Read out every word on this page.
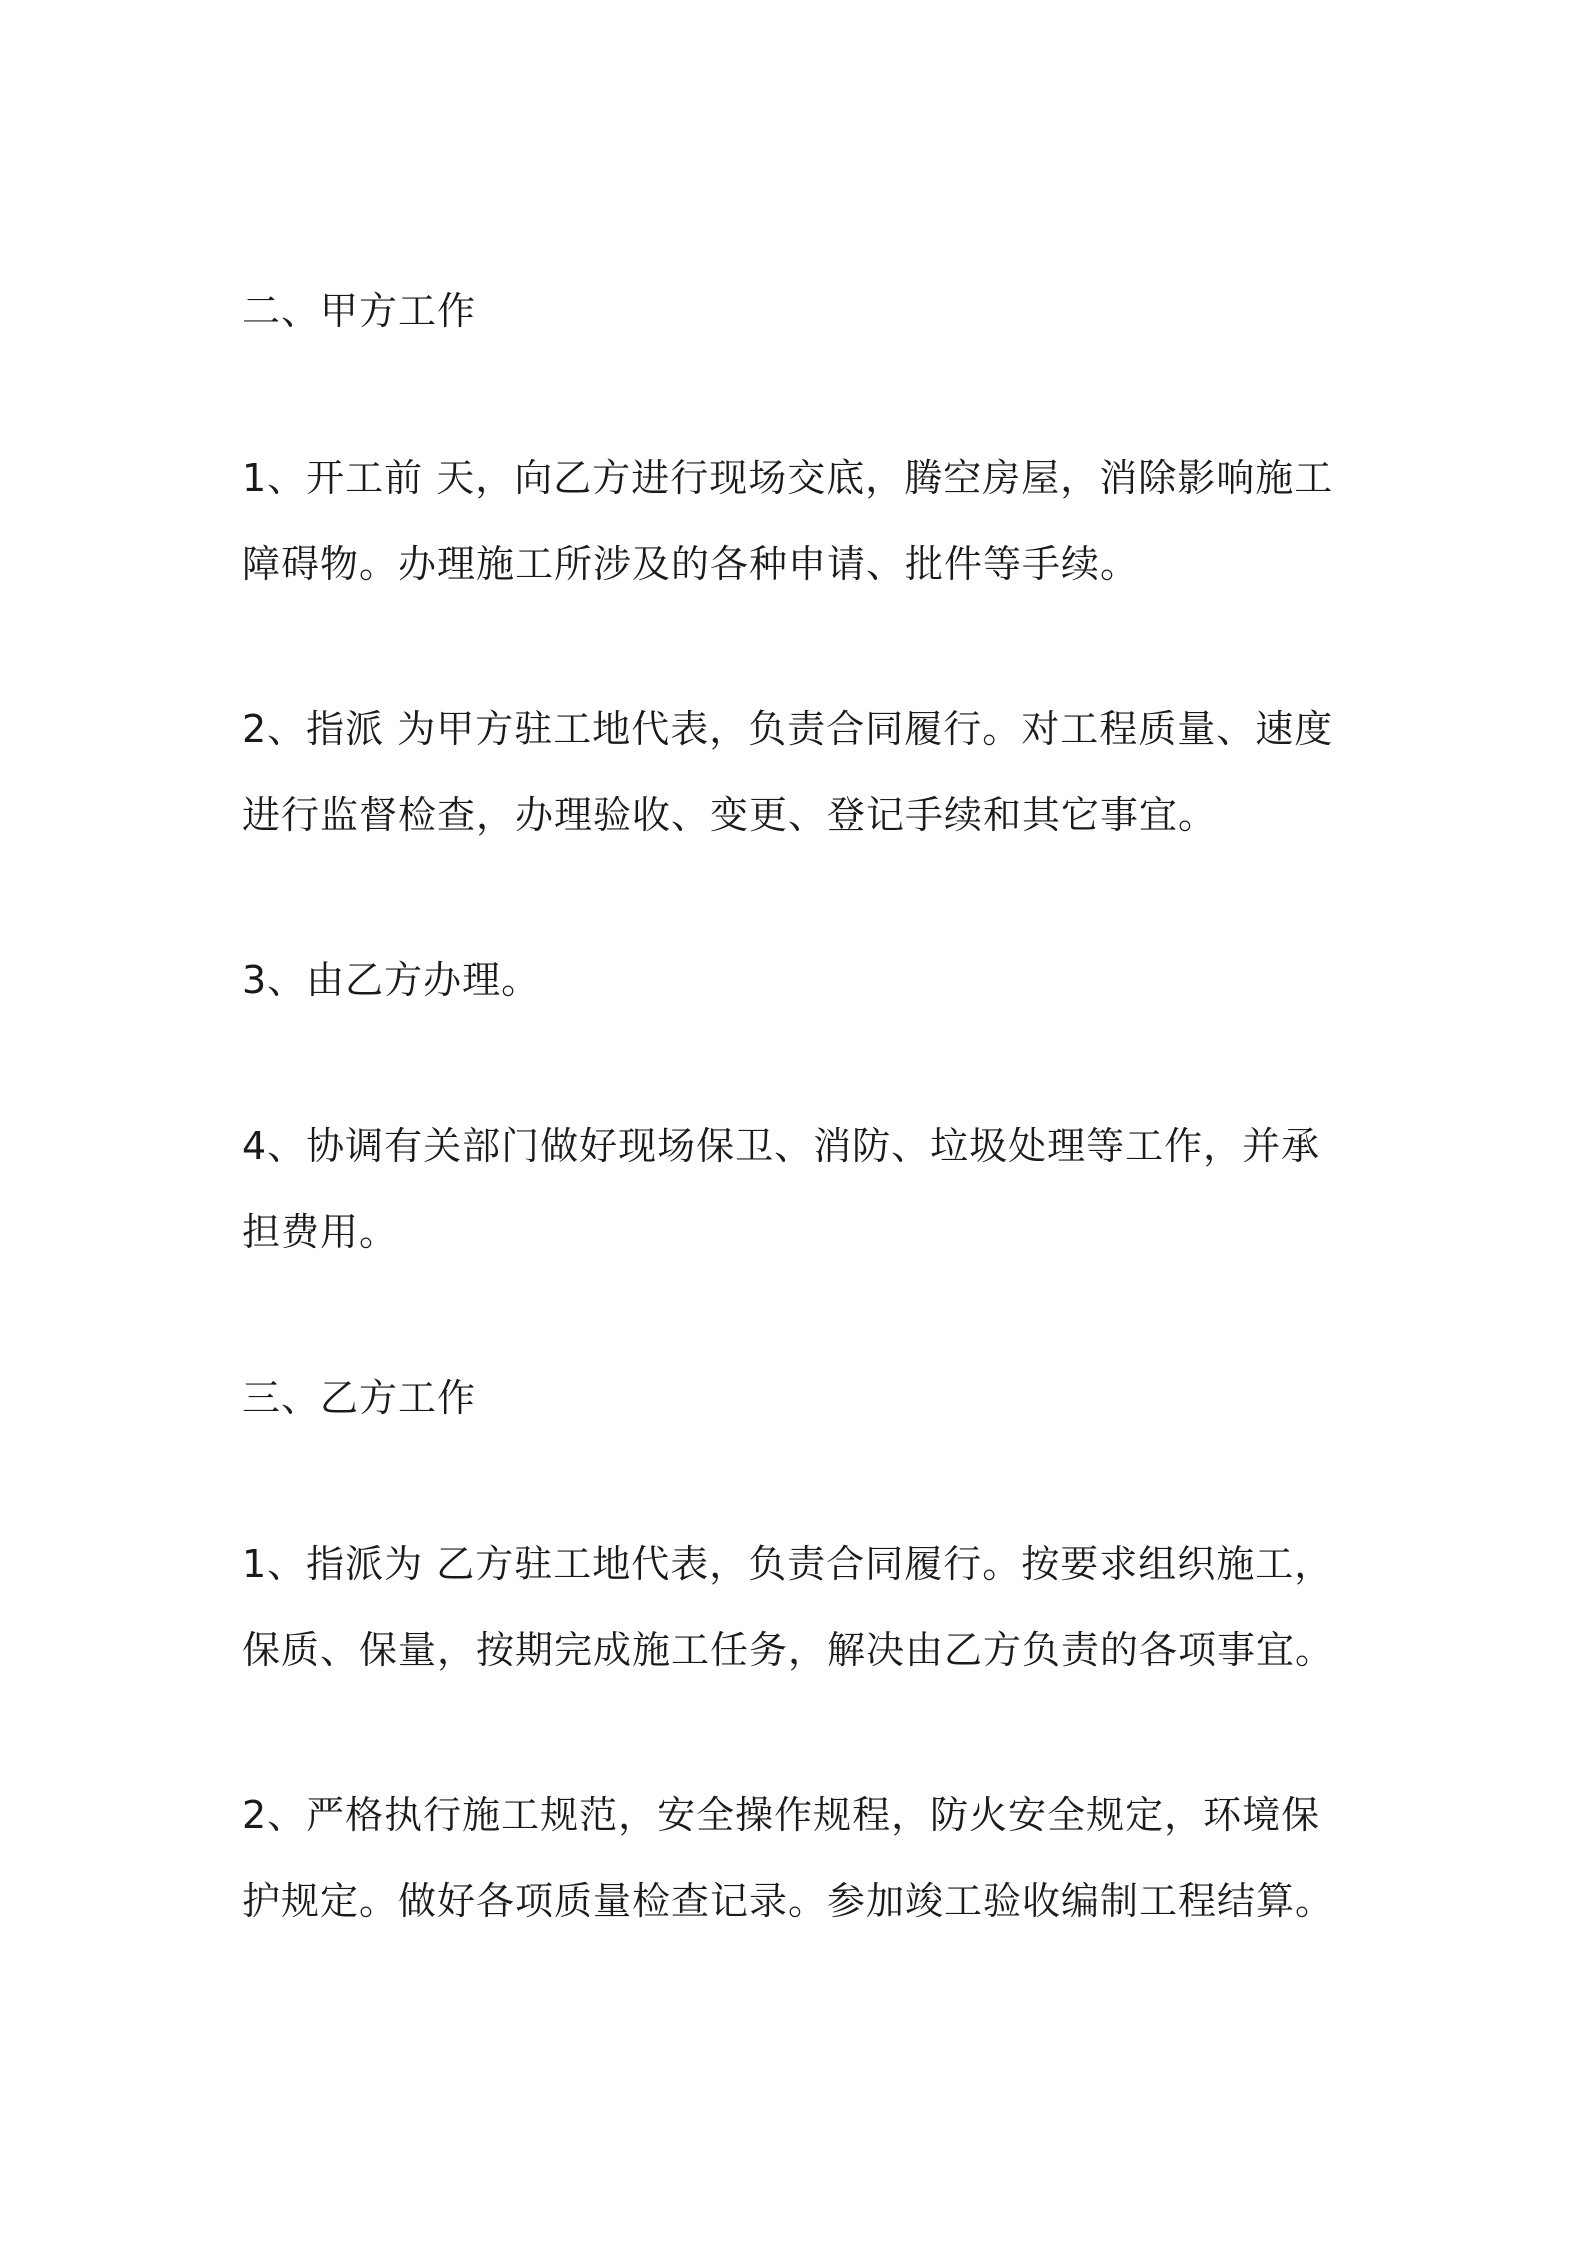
二、甲方工作
1、开工前 天，向乙方进行现场交底，腾空房屋，消除影响施工
障碍物。办理施工所涉及的各种申请、批件等手续。
2、指派 为甲方驻工地代表，负责合同履行。对工程质量、速度
进行监督检查，办理验收、变更、登记手续和其它事宜。
3、由乙方办理。
4、协调有关部门做好现场保卫、消防、垃圾处理等工作，并承
担费用。
三、乙方工作
1、指派为 乙方驻工地代表，负责合同履行。按要求组织施工，
保质、保量，按期完成施工任务，解决由乙方负责的各项事宜。
2、严格执行施工规范，安全操作规程，防火安全规定，环境保
护规定。做好各项质量检查记录。参加竣工验收编制工程结算。
